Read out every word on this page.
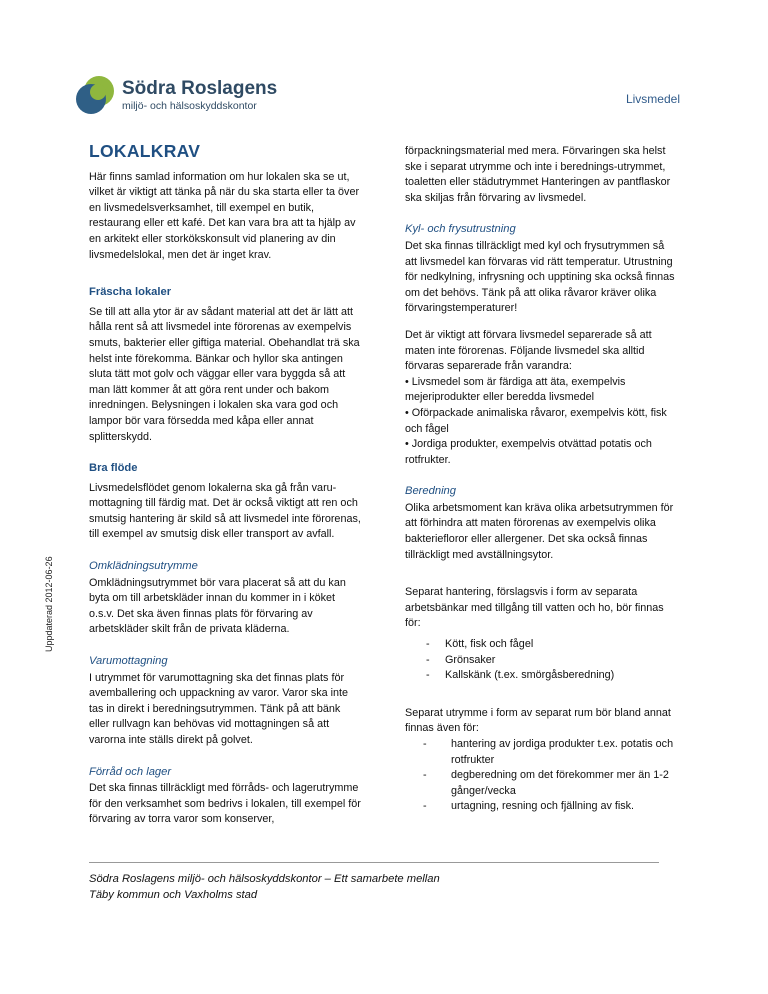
Södra Roslagens
miljö- och hälsoskyddskontor	Livsmedel
Uppdaterad 2012-06-26
LOKALKRAV

Här finns samlad information om hur lokalen ska se ut, vilket är viktigt att tänka på när du ska starta eller ta över en livsmedelsverksamhet, till exempel en butik, restaurang eller ett kafé. Det kan vara bra att ta hjälp av en arkitekt eller storkökskonsult vid planering av din livsmedelslokal, men det är inget krav.

Fräscha lokaler

Se till att alla ytor är av sådant material att det är lätt att hålla rent så att livsmedel inte förorenas av exempelvis smuts, bakterier eller giftiga material. Obehandlat trä ska helst inte förekomma. Bänkar och hyllor ska antingen sluta tätt mot golv och väggar eller vara byggda så att man lätt kommer åt att göra rent under och bakom inredningen. Belysningen i lokalen ska vara god och lampor bör vara försedda med kåpa eller annat splitterskydd.

Bra flöde

Livsmedelsflödet genom lokalerna ska gå från varu-mottagning till färdig mat. Det är också viktigt att ren och smutsig hantering är skild så att livsmedel inte förorenas, till exempel av smutsig disk eller transport av avfall.

Omklädningsutrymme

Omklädningsutrymmet bör vara placerat så att du kan byta om till arbetskläder innan du kommer in i köket o.s.v. Det ska även finnas plats för förvaring av arbetskläder skilt från de privata kläderna.

Varumottagning

I utrymmet för varumottagning ska det finnas plats för avemballering och uppackning av varor. Varor ska inte tas in direkt i beredningsutrymmen. Tänk på att bänk eller rullvagn kan behövas vid mottagningen så att varorna inte ställs direkt på golvet.

Förråd och lager

Det ska finnas tillräckligt med förråds- och lagerutrymme för den verksamhet som bedrivs i lokalen, till exempel för förvaring av torra varor som konserver,

förpackningsmaterial med mera. Förvaringen ska helst ske i separat utrymme och inte i berednings-utrymmet, toaletten eller städutrymmet Hanteringen av pantflaskor ska skiljas från förvaring av livsmedel.

Kyl- och frysutrustning

Det ska finnas tillräckligt med kyl och frysutrymmen så att livsmedel kan förvaras vid rätt temperatur. Utrustning för nedkylning, infrysning och upptining ska också finnas om det behövs. Tänk på att olika råvaror kräver olika förvaringstemperaturer!

Det är viktigt att förvara livsmedel separerade så att maten inte förorenas. Följande livsmedel ska alltid förvaras separerade från varandra:

• Livsmedel som är färdiga att äta, exempelvis mejeriprodukter eller beredda livsmedel

• Oförpackade animaliska råvaror, exempelvis kött, fisk och fågel

• Jordiga produkter, exempelvis otvättad potatis och rotfrukter.

Beredning

Olika arbetsmoment kan kräva olika arbetsutrymmen för att förhindra att maten förorenas av exempelvis olika bakteriefloror eller allergener. Det ska också finnas tillräckligt med avställningsytor.

Separat hantering, förslagsvis i form av separata arbetsbänkar med tillgång till vatten och ho, bör finnas för:

- Kött, fisk och fågel
- Grönsaker
- Kallskänk (t.ex. smörgåsberedning)

Separat utrymme i form av separat rum bör bland annat finnas även för:

- hantering av jordiga produkter t.ex. potatis och rotfrukter
- degberedning om det förekommer mer än 1-2 gånger/vecka
- urtagning, resning och fjällning av fisk.
Södra Roslagens miljö- och hälsoskyddskontor – Ett samarbete mellan
Täby kommun och Vaxholms stad
